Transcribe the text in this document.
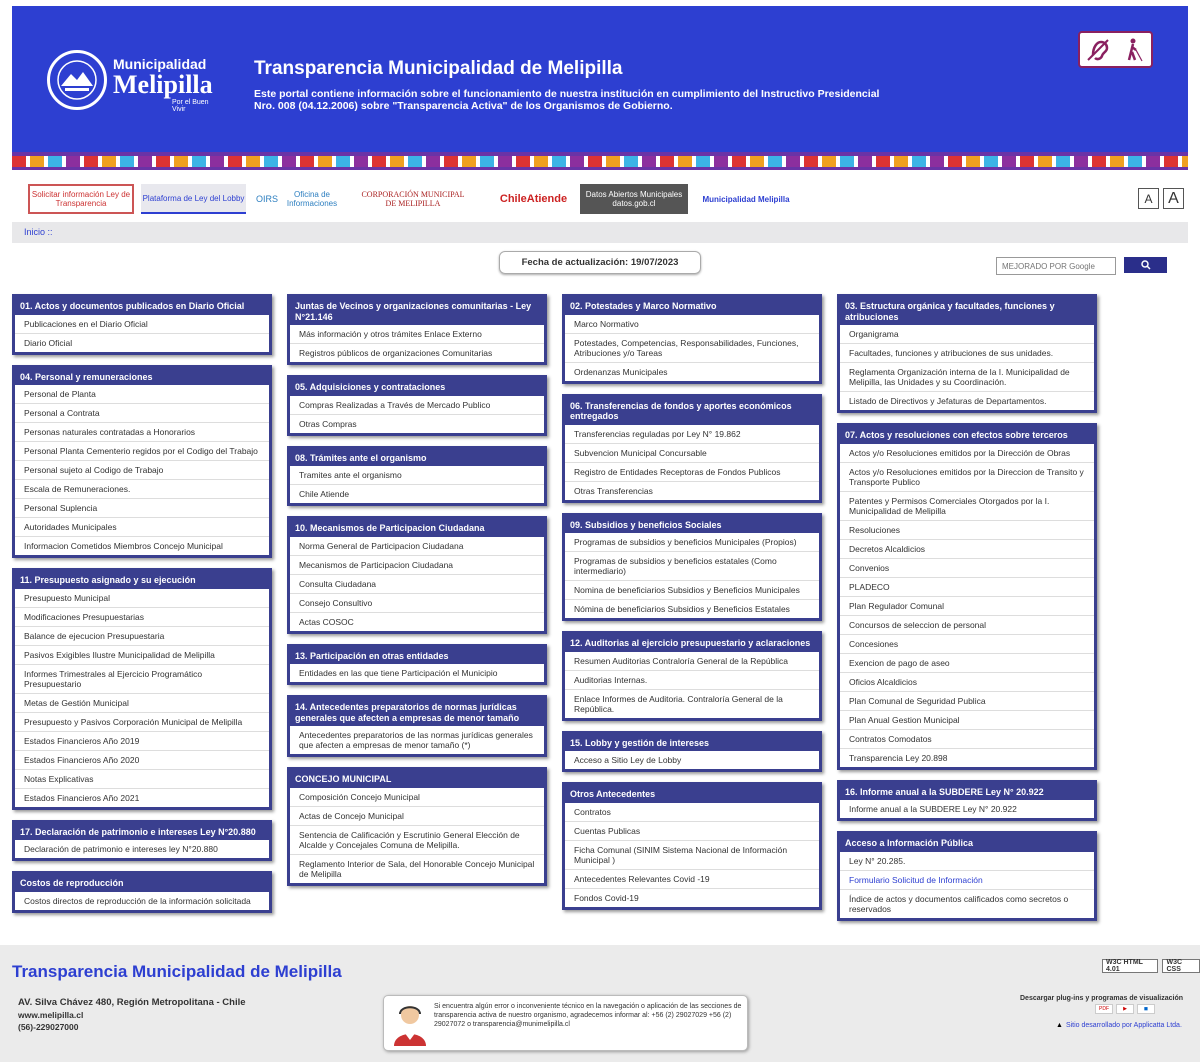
Municipalidad
Melipilla
Por el Buen Vivir
Transparencia Municipalidad de Melipilla
Este portal contiene información sobre el funcionamiento de nuestra institución en cumplimiento del Instructivo Presidencial Nro. 008 (04.12.2006) sobre "Transparencia Activa" de los Organismos de Gobierno.
Solicitar información Ley de Transparencia
Plataforma de Ley del Lobby OIRS	Oficina de Informaciones
CORPORACIÓN MUNICIPAL DE MELIPILLA	ChileAtiende Datos Abiertos Municipales
datos.gob.cl	Municipalidad Melipilla	A A
Inicio ::
Fecha de actualización: 19/07/2023
MEJORADO POR Google
01. Actos y documentos publicados en Diario Oficial
Publicaciones en el Diario Oficial
Diario Oficial
04. Personal y remuneraciones
Personal de Planta
Personal a Contrata
Personas naturales contratadas a Honorarios
Personal Planta Cementerio regidos por el Codigo del Trabajo
Personal sujeto al Codigo de Trabajo
Escala de Remuneraciones.
Personal Suplencia
Autoridades Municipales
Informacion Cometidos Miembros Concejo Municipal
11. Presupuesto asignado y su ejecución
Presupuesto Municipal
Modificaciones Presupuestarias
Balance de ejecucion Presupuestaria
Pasivos Exigibles Ilustre Municipalidad de Melipilla
Informes Trimestrales al Ejercicio Programático Presupuestario
Metas de Gestión Municipal
Presupuesto y Pasivos Corporación Municipal de Melipilla
Estados Financieros Año 2019
Estados Financieros Año 2020
Notas Explicativas
Estados Financieros Año 2021
17. Declaración de patrimonio e intereses Ley N°20.880
Declaración de patrimonio e intereses ley N°20.880
Costos de reproducción
Costos directos de reproducción de la información solicitada
Juntas de Vecinos y organizaciones comunitarias - Ley N°21.146
Más información y otros trámites Enlace Externo
Registros públicos de organizaciones Comunitarias
05. Adquisiciones y contrataciones
Compras Realizadas a Través de Mercado Publico
Otras Compras
08. Trámites ante el organismo
Tramites ante el organismo
Chile Atiende
10. Mecanismos de Participacion Ciudadana
Norma General de Participacion Ciudadana
Mecanismos de Participacion Ciudadana
Consulta Ciudadana
Consejo Consultivo
Actas COSOC
13. Participación en otras entidades
Entidades en las que tiene Participación el Municipio
14. Antecedentes preparatorios de normas jurídicas generales que afecten a empresas de menor tamaño
Antecedentes preparatorios de las normas jurídicas generales que afecten a empresas de menor tamaño (*)
CONCEJO MUNICIPAL
Composición Concejo Municipal
Actas de Concejo Municipal
Sentencia de Calificación y Escrutinio General Elección de Alcalde y Concejales Comuna de Melipilla.
Reglamento Interior de Sala, del Honorable Concejo Municipal de Melipilla
02. Potestades y Marco Normativo
Marco Normativo
Potestades, Competencias, Responsabilidades, Funciones, Atribuciones y/o Tareas
Ordenanzas Municipales
06. Transferencias de fondos y aportes económicos entregados
Transferencias reguladas por Ley N° 19.862
Subvencion Municipal Concursable
Registro de Entidades Receptoras de Fondos Publicos
Otras Transferencias
09. Subsidios y beneficios Sociales
Programas de subsidios y beneficios Municipales (Propios)
Programas de subsidios y beneficios estatales (Como intermediario)
Nomina de beneficiarios Subsidios y Beneficios Municipales
Nómina de beneficiarios Subsidios y Beneficios Estatales
12. Auditorias al ejercicio presupuestario y aclaraciones
Resumen Auditorias Contraloría General de la República
Auditorias Internas.
Enlace Informes de Auditoria. Contraloría General de la República.
15. Lobby y gestión de intereses
Acceso a Sitio Ley de Lobby
Otros Antecedentes
Contratos
Cuentas Publicas
Ficha Comunal (SINIM Sistema Nacional de Información Municipal )
Antecedentes Relevantes Covid -19
Fondos Covid-19
03. Estructura orgánica y facultades, funciones y atribuciones
Organigrama
Facultades, funciones y atribuciones de sus unidades.
Reglamenta Organización interna de la I. Municipalidad de Melipilla, las Unidades y su Coordinación.
Listado de Directivos y Jefaturas de Departamentos.
07. Actos y resoluciones con efectos sobre terceros
Actos y/o Resoluciones emitidos por la Dirección de Obras
Actos y/o Resoluciones emitidos por la Direccion de Transito y Transporte Publico
Patentes y Permisos Comerciales Otorgados por la I. Municipalidad de Melipilla
Resoluciones
Decretos Alcaldicios
Convenios
PLADECO
Plan Regulador Comunal
Concursos de seleccion de personal
Concesiones
Exencion de pago de aseo
Oficios Alcaldicios
Plan Comunal de Seguridad Publica
Plan Anual Gestion Municipal
Contratos Comodatos
Transparencia Ley 20.898
16. Informe anual a la SUBDERE Ley N° 20.922
Informe anual a la SUBDERE Ley N° 20.922
Acceso a Información Pública
Ley N° 20.285.
Formulario Solicitud de Información
Índice de actos y documentos calificados como secretos o reservados
Transparencia Municipalidad de Melipilla
AV. Silva Chávez 480, Región Metropolitana - Chile
www.melipilla.cl
(56)-229027000
Si encuentra algún error o inconveniente técnico en la navegación o aplicación de las secciones de transparencia activa de nuestro organismo, agradecemos informar al: +56 (2) 29027029 +56 (2) 29027072 o transparencia@munimelipilla.cl
W3C HTML 4.01
W3C CSS
Descargar plug-ins y programas de visualización
PDF	▶	◼
▲ Sitio desarrollado por Applicatta Ltda.
